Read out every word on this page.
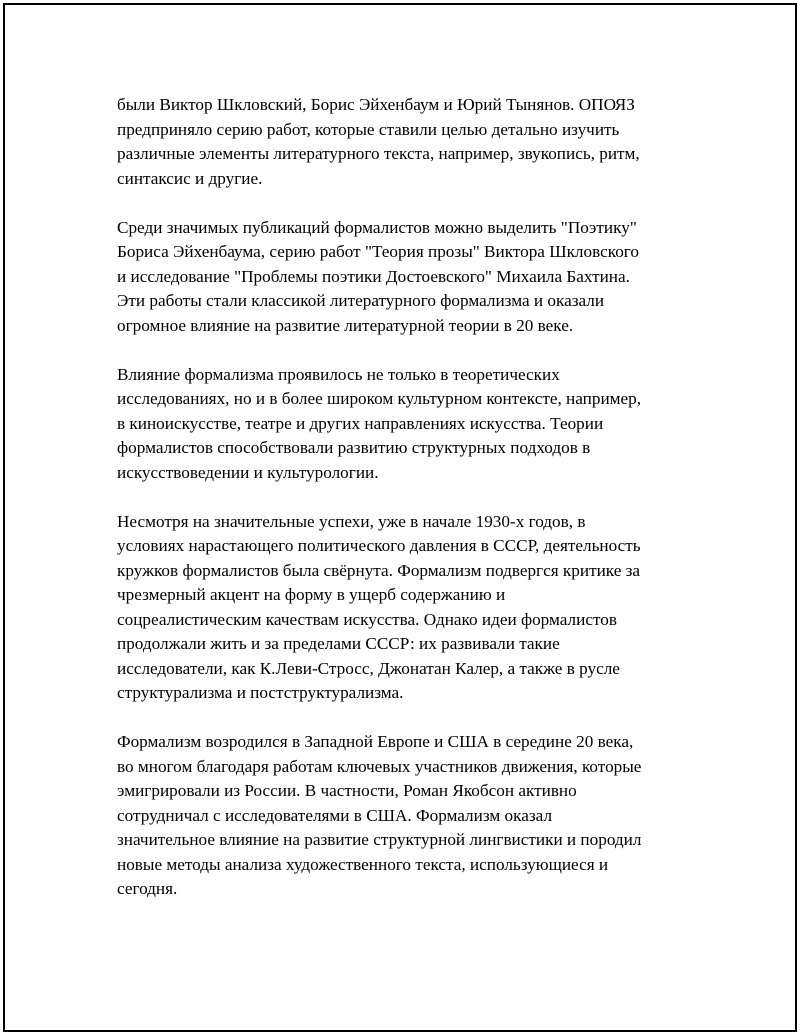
были Виктор Шкловский, Борис Эйхенбаум и Юрий Тынянов. ОПОЯЗ
предприняло серию работ, которые ставили целью детально изучить
различные элементы литературного текста, например, звукопись, ритм,
синтаксис и другие.

Среди значимых публикаций формалистов можно выделить "Поэтику"
Бориса Эйхенбаума, серию работ "Теория прозы" Виктора Шкловского
и исследование "Проблемы поэтики Достоевского" Михаила Бахтина.
Эти работы стали классикой литературного формализма и оказали
огромное влияние на развитие литературной теории в 20 веке.

Влияние формализма проявилось не только в теоретических
исследованиях, но и в более широком культурном контексте, например,
в киноискусстве, театре и других направлениях искусства. Теории
формалистов способствовали развитию структурных подходов в
искусствоведении и культурологии.

Несмотря на значительные успехи, уже в начале 1930-х годов, в
условиях нарастающего политического давления в СССР, деятельность
кружков формалистов была свёрнута. Формализм подвергся критике за
чрезмерный акцент на форму в ущерб содержанию и
соцреалистическим качествам искусства. Однако идеи формалистов
продолжали жить и за пределами СССР: их развивали такие
исследователи, как К.Леви-Стросс, Джонатан Калер, а также в русле
структурализма и постструктурализма.

Формализм возродился в Западной Европе и США в середине 20 века,
во многом благодаря работам ключевых участников движения, которые
эмигрировали из России. В частности, Роман Якобсон активно
сотрудничал с исследователями в США. Формализм оказал
значительное влияние на развитие структурной лингвистики и породил
новые методы анализа художественного текста, использующиеся и
сегодня.
